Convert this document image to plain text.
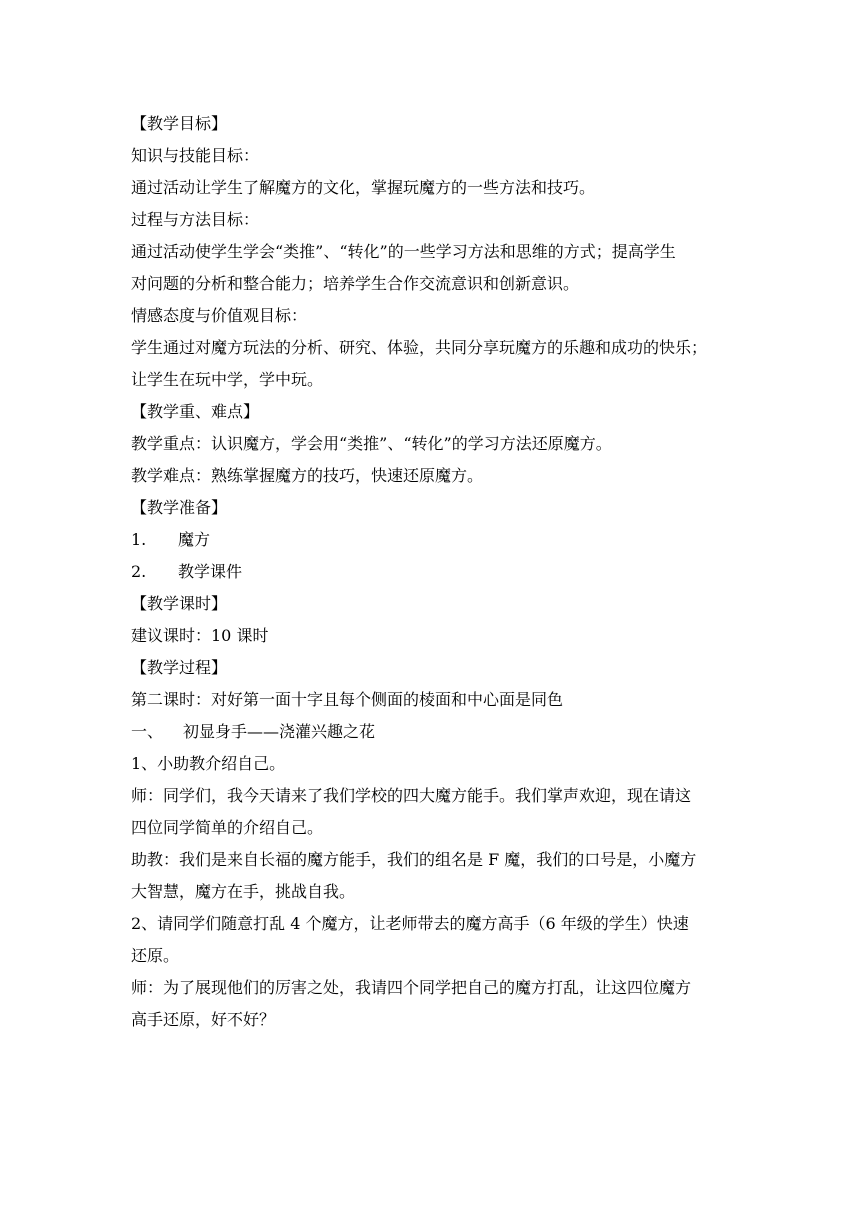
【教学目标】
知识与技能目标：
通过活动让学生了解魔方的文化，掌握玩魔方的一些方法和技巧。
过程与方法目标：
通过活动使学生学会“类推”、“转化”的一些学习方法和思维的方式；提高学生
对问题的分析和整合能力；培养学生合作交流意识和创新意识。
情感态度与价值观目标：
学生通过对魔方玩法的分析、研究、体验，共同分享玩魔方的乐趣和成功的快乐；
让学生在玩中学，学中玩。
【教学重、难点】
教学重点：认识魔方，学会用“类推”、“转化”的学习方法还原魔方。
教学难点：熟练掌握魔方的技巧，快速还原魔方。
【教学准备】
1. 魔方
2. 教学课件
【教学课时】
建议课时：10 课时
【教学过程】
第二课时：对好第一面十字且每个侧面的棱面和中心面是同色
一、 初显身手——浇灌兴趣之花
1、小助教介绍自己。
师：同学们，我今天请来了我们学校的四大魔方能手。我们掌声欢迎，现在请这
四位同学简单的介绍自己。
助教：我们是来自长福的魔方能手，我们的组名是 F 魔，我们的口号是，小魔方
大智慧，魔方在手，挑战自我。
2、请同学们随意打乱 4 个魔方，让老师带去的魔方高手（6 年级的学生）快速
还原。
师：为了展现他们的厉害之处，我请四个同学把自己的魔方打乱，让这四位魔方
高手还原，好不好？
